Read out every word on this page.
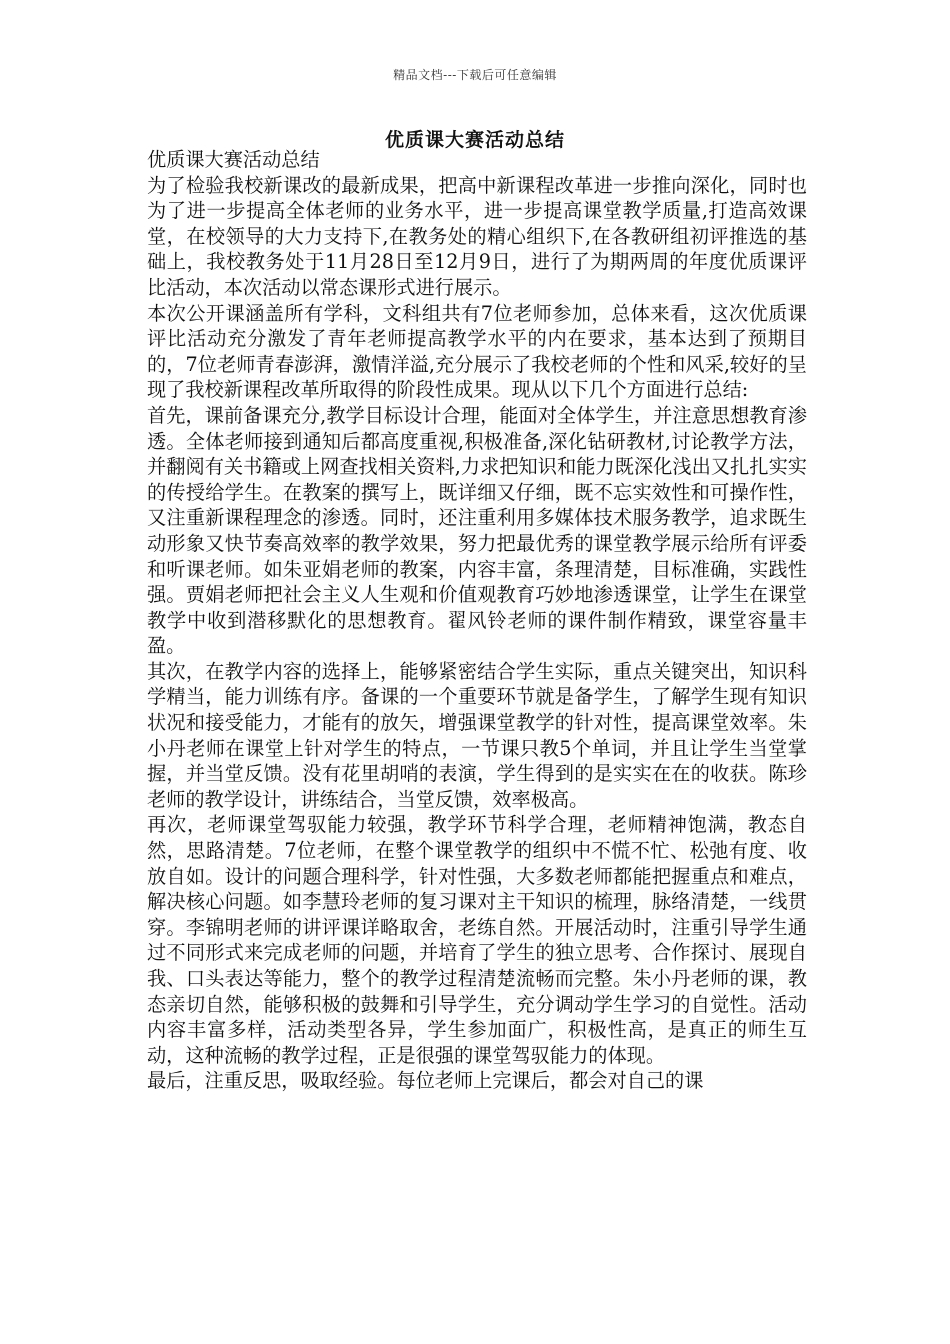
精品文档---下载后可任意编辑
优质课大赛活动总结

优质课大赛活动总结

为了检验我校新课改的最新成果，把高中新课程改革进一步推向深化，同时也为了进一步提高全体老师的业务水平，进一步提高课堂教学质量,打造高效课堂，在校领导的大力支持下,在教务处的精心组织下,在各教研组初评推选的基础上，我校教务处于11月28日至12月9日，进行了为期两周的年度优质课评比活动，本次活动以常态课形式进行展示。

本次公开课涵盖所有学科，文科组共有7位老师参加，总体来看，这次优质课评比活动充分激发了青年老师提高教学水平的内在要求，基本达到了预期目的，7位老师青春澎湃，激情洋溢,充分展示了我校老师的个性和风采,较好的呈现了我校新课程改革所取得的阶段性成果。现从以下几个方面进行总结:

首先，课前备课充分,教学目标设计合理，能面对全体学生，并注意思想教育渗透。全体老师接到通知后都高度重视,积极准备,深化钻研教材,讨论教学方法，并翻阅有关书籍或上网查找相关资料,力求把知识和能力既深化浅出又扎扎实实的传授给学生。在教案的撰写上，既详细又仔细，既不忘实效性和可操作性，又注重新课程理念的渗透。同时，还注重利用多媒体技术服务教学，追求既生动形象又快节奏高效率的教学效果，努力把最优秀的课堂教学展示给所有评委和听课老师。如朱亚娟老师的教案，内容丰富，条理清楚，目标准确，实践性强。贾娟老师把社会主义人生观和价值观教育巧妙地渗透课堂，让学生在课堂教学中收到潜移默化的思想教育。翟风铃老师的课件制作精致，课堂容量丰盈。

其次，在教学内容的选择上，能够紧密结合学生实际，重点关键突出，知识科学精当，能力训练有序。备课的一个重要环节就是备学生，了解学生现有知识状况和接受能力，才能有的放矢，增强课堂教学的针对性，提高课堂效率。朱小丹老师在课堂上针对学生的特点，一节课只教5个单词，并且让学生当堂掌握，并当堂反馈。没有花里胡哨的表演，学生得到的是实实在在的收获。陈珍老师的教学设计，讲练结合，当堂反馈，效率极高。

再次，老师课堂驾驭能力较强，教学环节科学合理，老师精神饱满，教态自然，思路清楚。7位老师，在整个课堂教学的组织中不慌不忙、松弛有度、收放自如。设计的问题合理科学，针对性强，大多数老师都能把握重点和难点，解决核心问题。如李慧玲老师的复习课对主干知识的梳理，脉络清楚，一线贯穿。李锦明老师的讲评课详略取舍，老练自然。开展活动时，注重引导学生通过不同形式来完成老师的问题，并培育了学生的独立思考、合作探讨、展现自我、口头表达等能力，整个的教学过程清楚流畅而完整。朱小丹老师的课，教态亲切自然，能够积极的鼓舞和引导学生，充分调动学生学习的自觉性。活动内容丰富多样，活动类型各异，学生参加面广，积极性高，是真正的师生互动，这种流畅的教学过程，正是很强的课堂驾驭能力的体现。

最后，注重反思，吸取经验。每位老师上完课后，都会对自己的课
